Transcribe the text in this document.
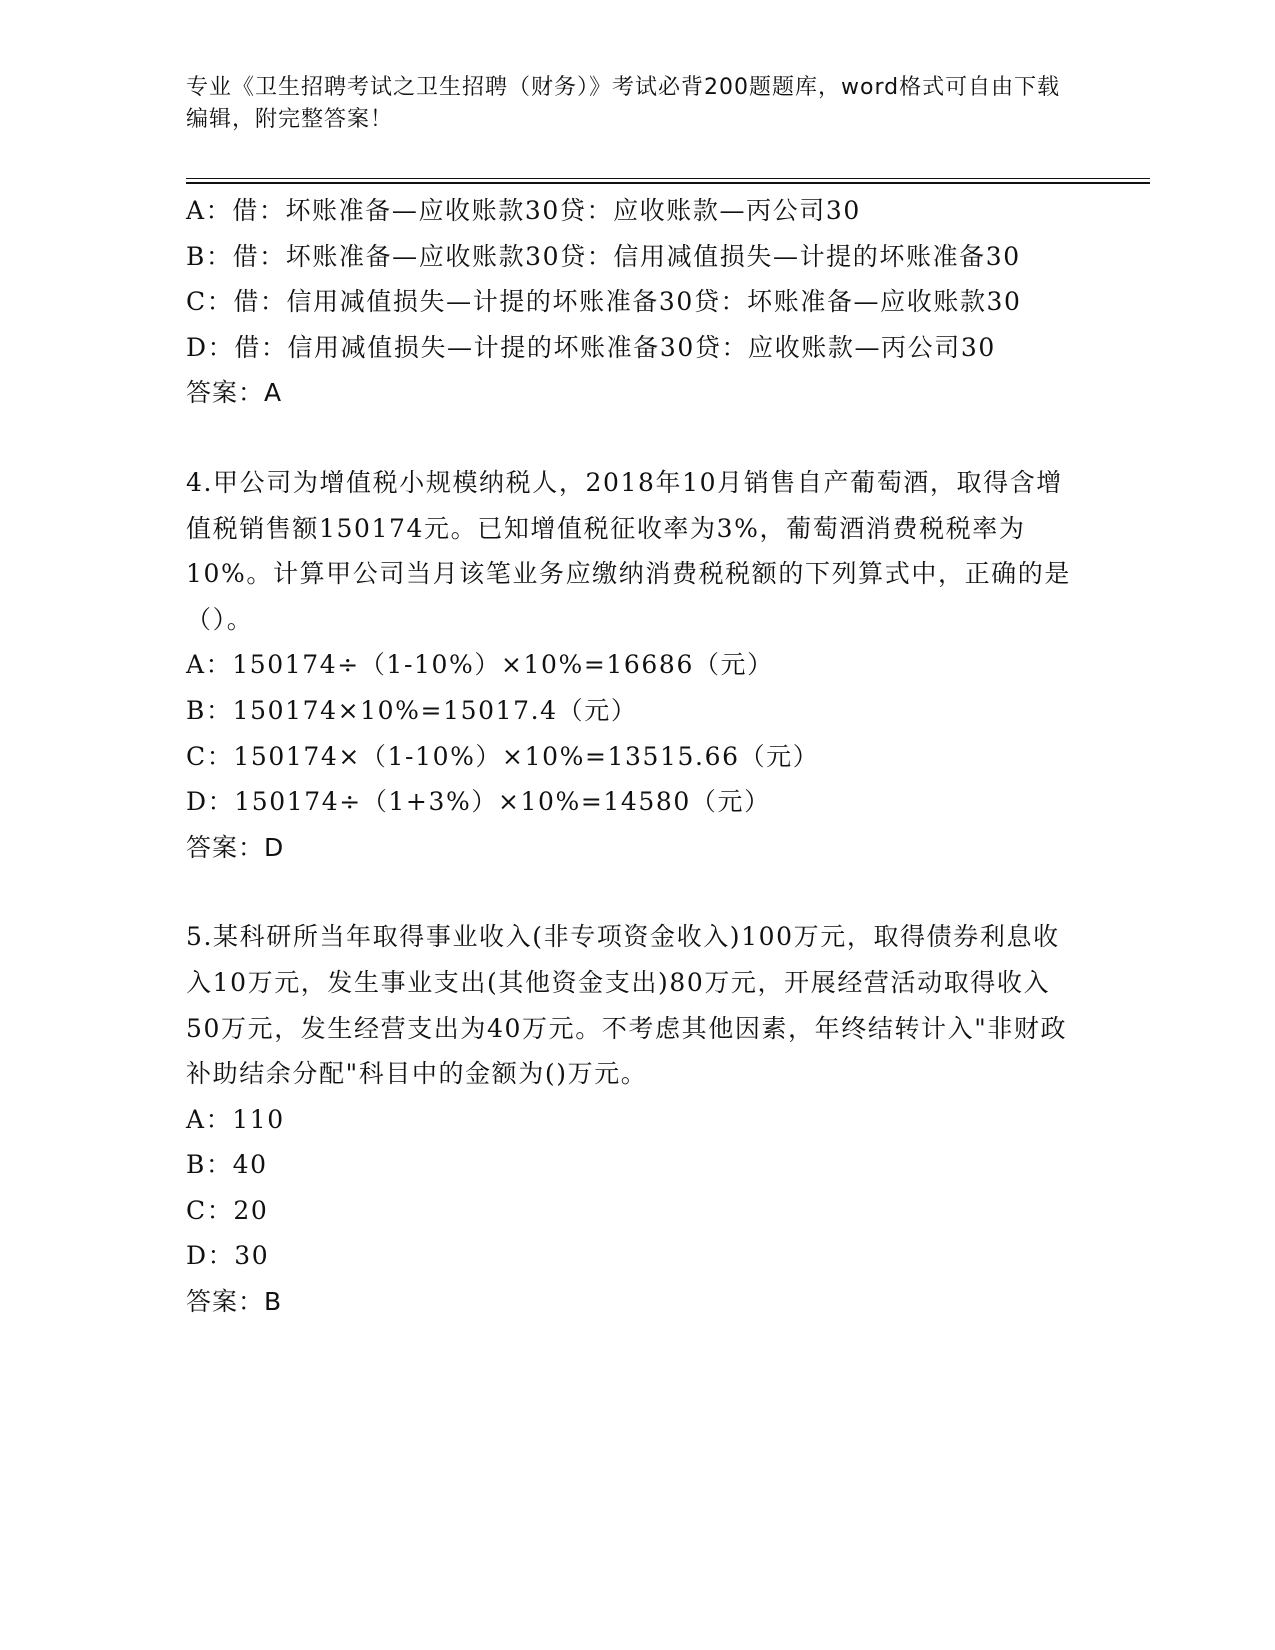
专业《卫生招聘考试之卫生招聘（财务）》考试必背200题题库，word格式可自由下载编辑，附完整答案！
A：借：坏账准备—应收账款30贷：应收账款—丙公司30
B：借：坏账准备—应收账款30贷：信用减值损失—计提的坏账准备30
C：借：信用减值损失—计提的坏账准备30贷：坏账准备—应收账款30
D：借：信用减值损失—计提的坏账准备30贷：应收账款—丙公司30
答案：A
4.甲公司为增值税小规模纳税人，2018年10月销售自产葡萄酒，取得含增值税销售额150174元。已知增值税征收率为3%，葡萄酒消费税税率为10%。计算甲公司当月该笔业务应缴纳消费税税额的下列算式中，正确的是（）。
A：150174÷（1-10%）×10%=16686（元）
B：150174×10%=15017.4（元）
C：150174×（1-10%）×10%=13515.66（元）
D：150174÷（1+3%）×10%=14580（元）
答案：D
5.某科研所当年取得事业收入(非专项资金收入)100万元，取得债券利息收入10万元，发生事业支出(其他资金支出)80万元，开展经营活动取得收入50万元，发生经营支出为40万元。不考虑其他因素，年终结转计入"非财政补助结余分配"科目中的金额为()万元。
A：110
B：40
C：20
D：30
答案：B
